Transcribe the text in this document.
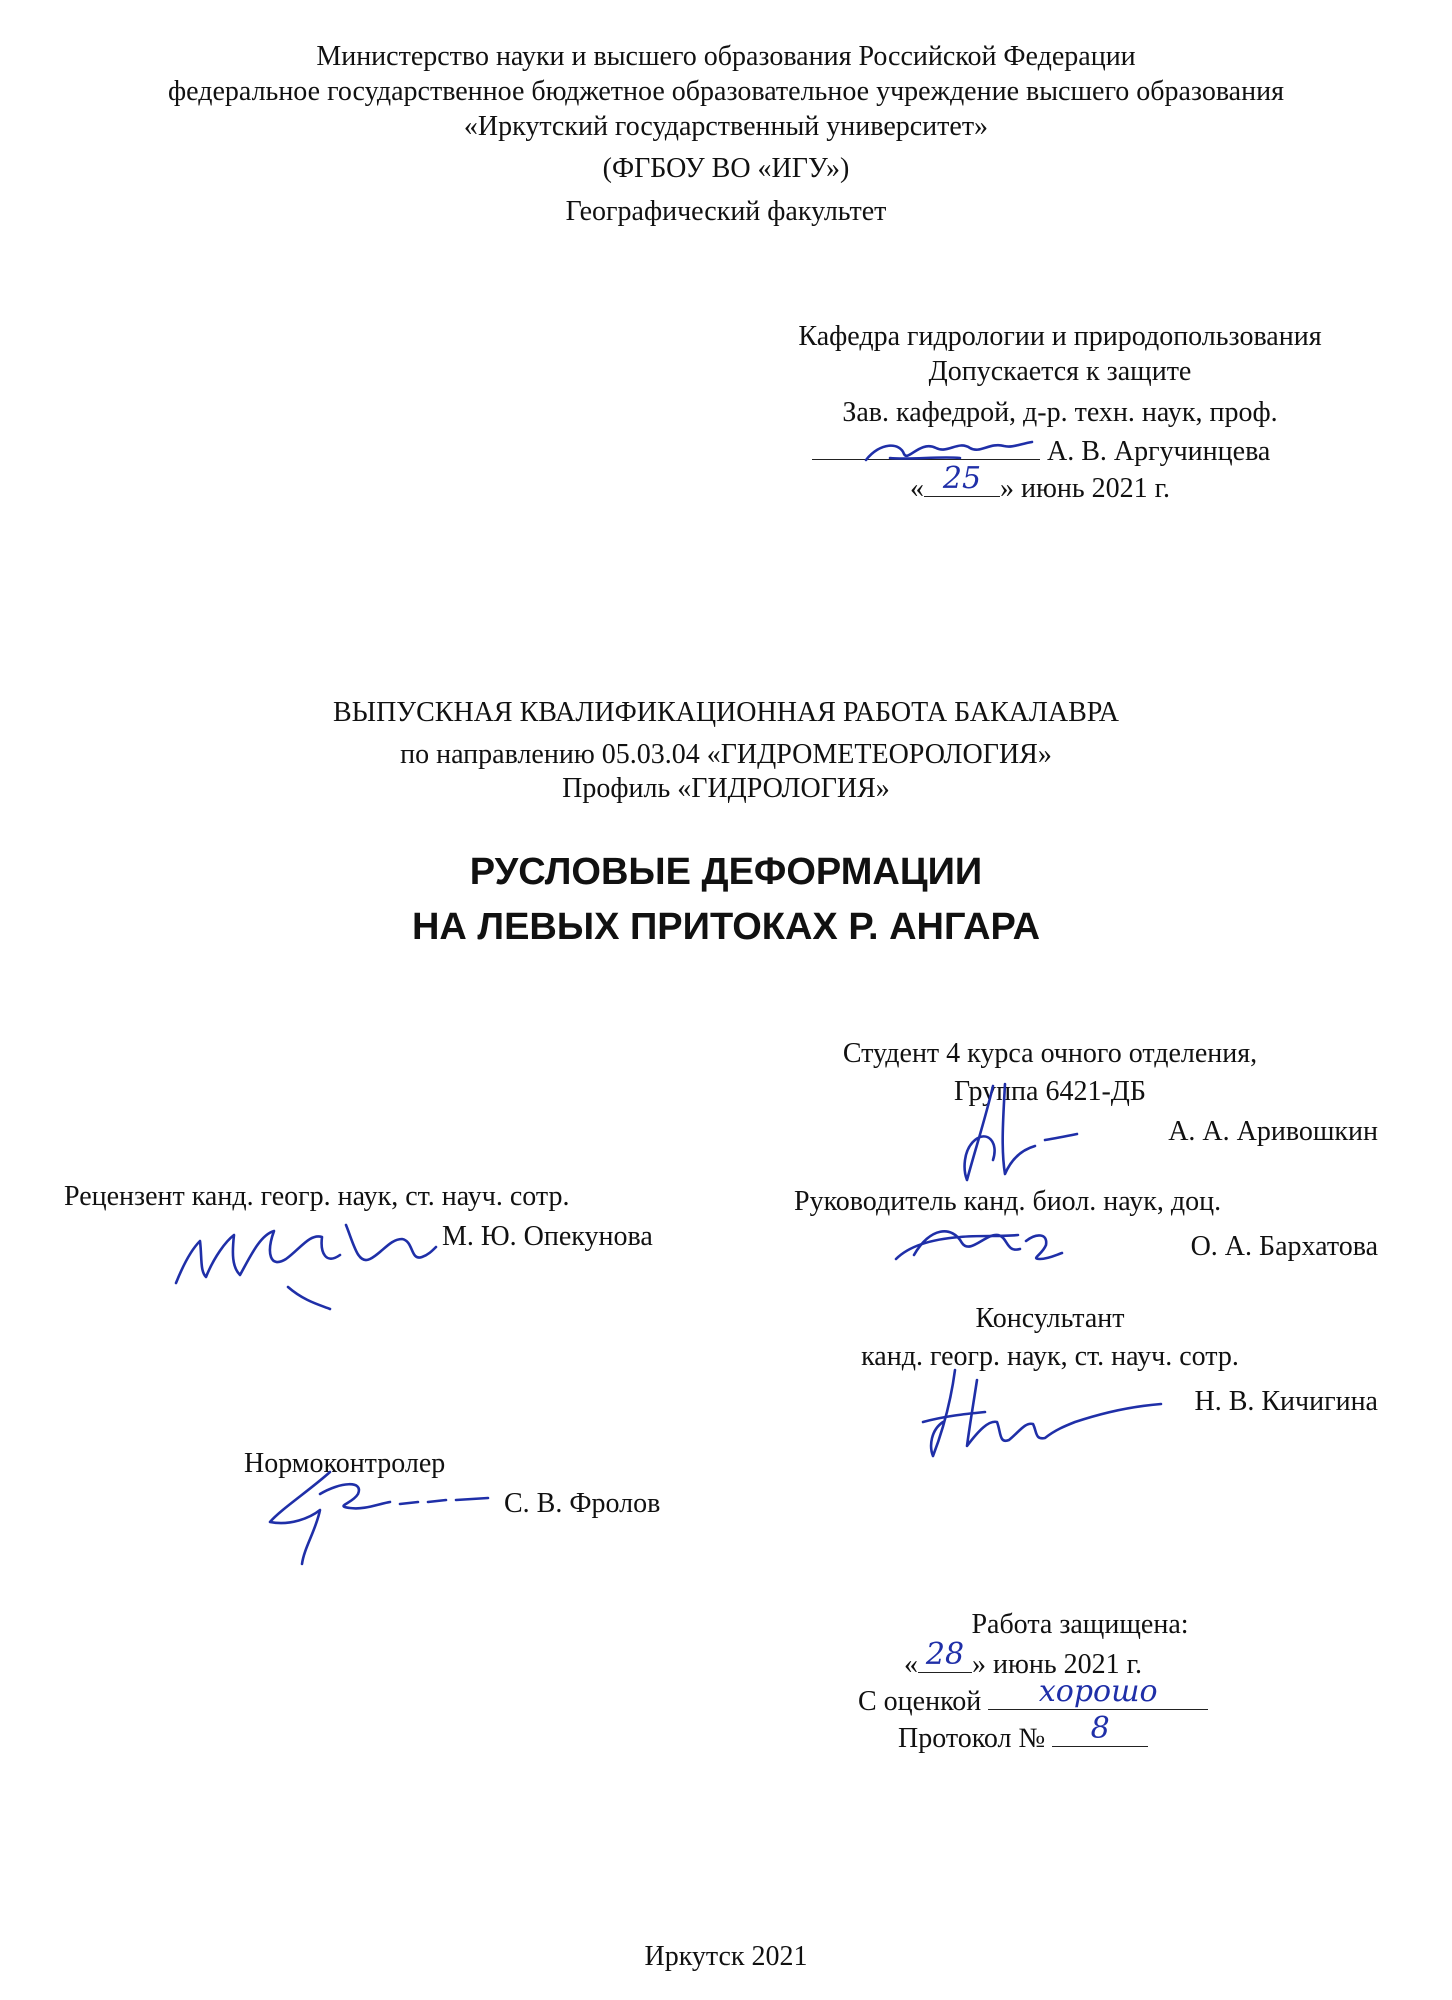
Министерство науки и высшего образования Российской Федерации

федеральное государственное бюджетное образовательное учреждение высшего образования

«Иркутский государственный университет»

(ФГБОУ ВО «ИГУ»)

Географический факультет

Кафедра гидрологии и природопользования

Допускается к защите

Зав. кафедрой, д-р. техн. наук, проф.

А. В. Аргучинцева

« 25 » июнь 2021 г.

ВЫПУСКНАЯ КВАЛИФИКАЦИОННАЯ РАБОТА БАКАЛАВРА

по направлению 05.03.04 «ГИДРОМЕТЕОРОЛОГИЯ»

Профиль «ГИДРОЛОГИЯ»

РУСЛОВЫЕ ДЕФОРМАЦИИ

НА ЛЕВЫХ ПРИТОКАХ Р. АНГАРА

Студент 4 курса очного отделения,

Группа 6421-ДБ

А. А. Аривошкин

Рецензент канд. геогр. наук, ст. науч. сотр.

М. Ю. Опекунова

Руководитель канд. биол. наук, доц.

О. А. Бархатова

Консультант

канд. геогр. наук, ст. науч. сотр.

Н. В. Кичигина

Нормоконтролер

С. В. Фролов

Работа защищена:

« 28 » июнь 2021 г.

С оценкой	хорошо

Протокол №	8

Иркутск 2021
